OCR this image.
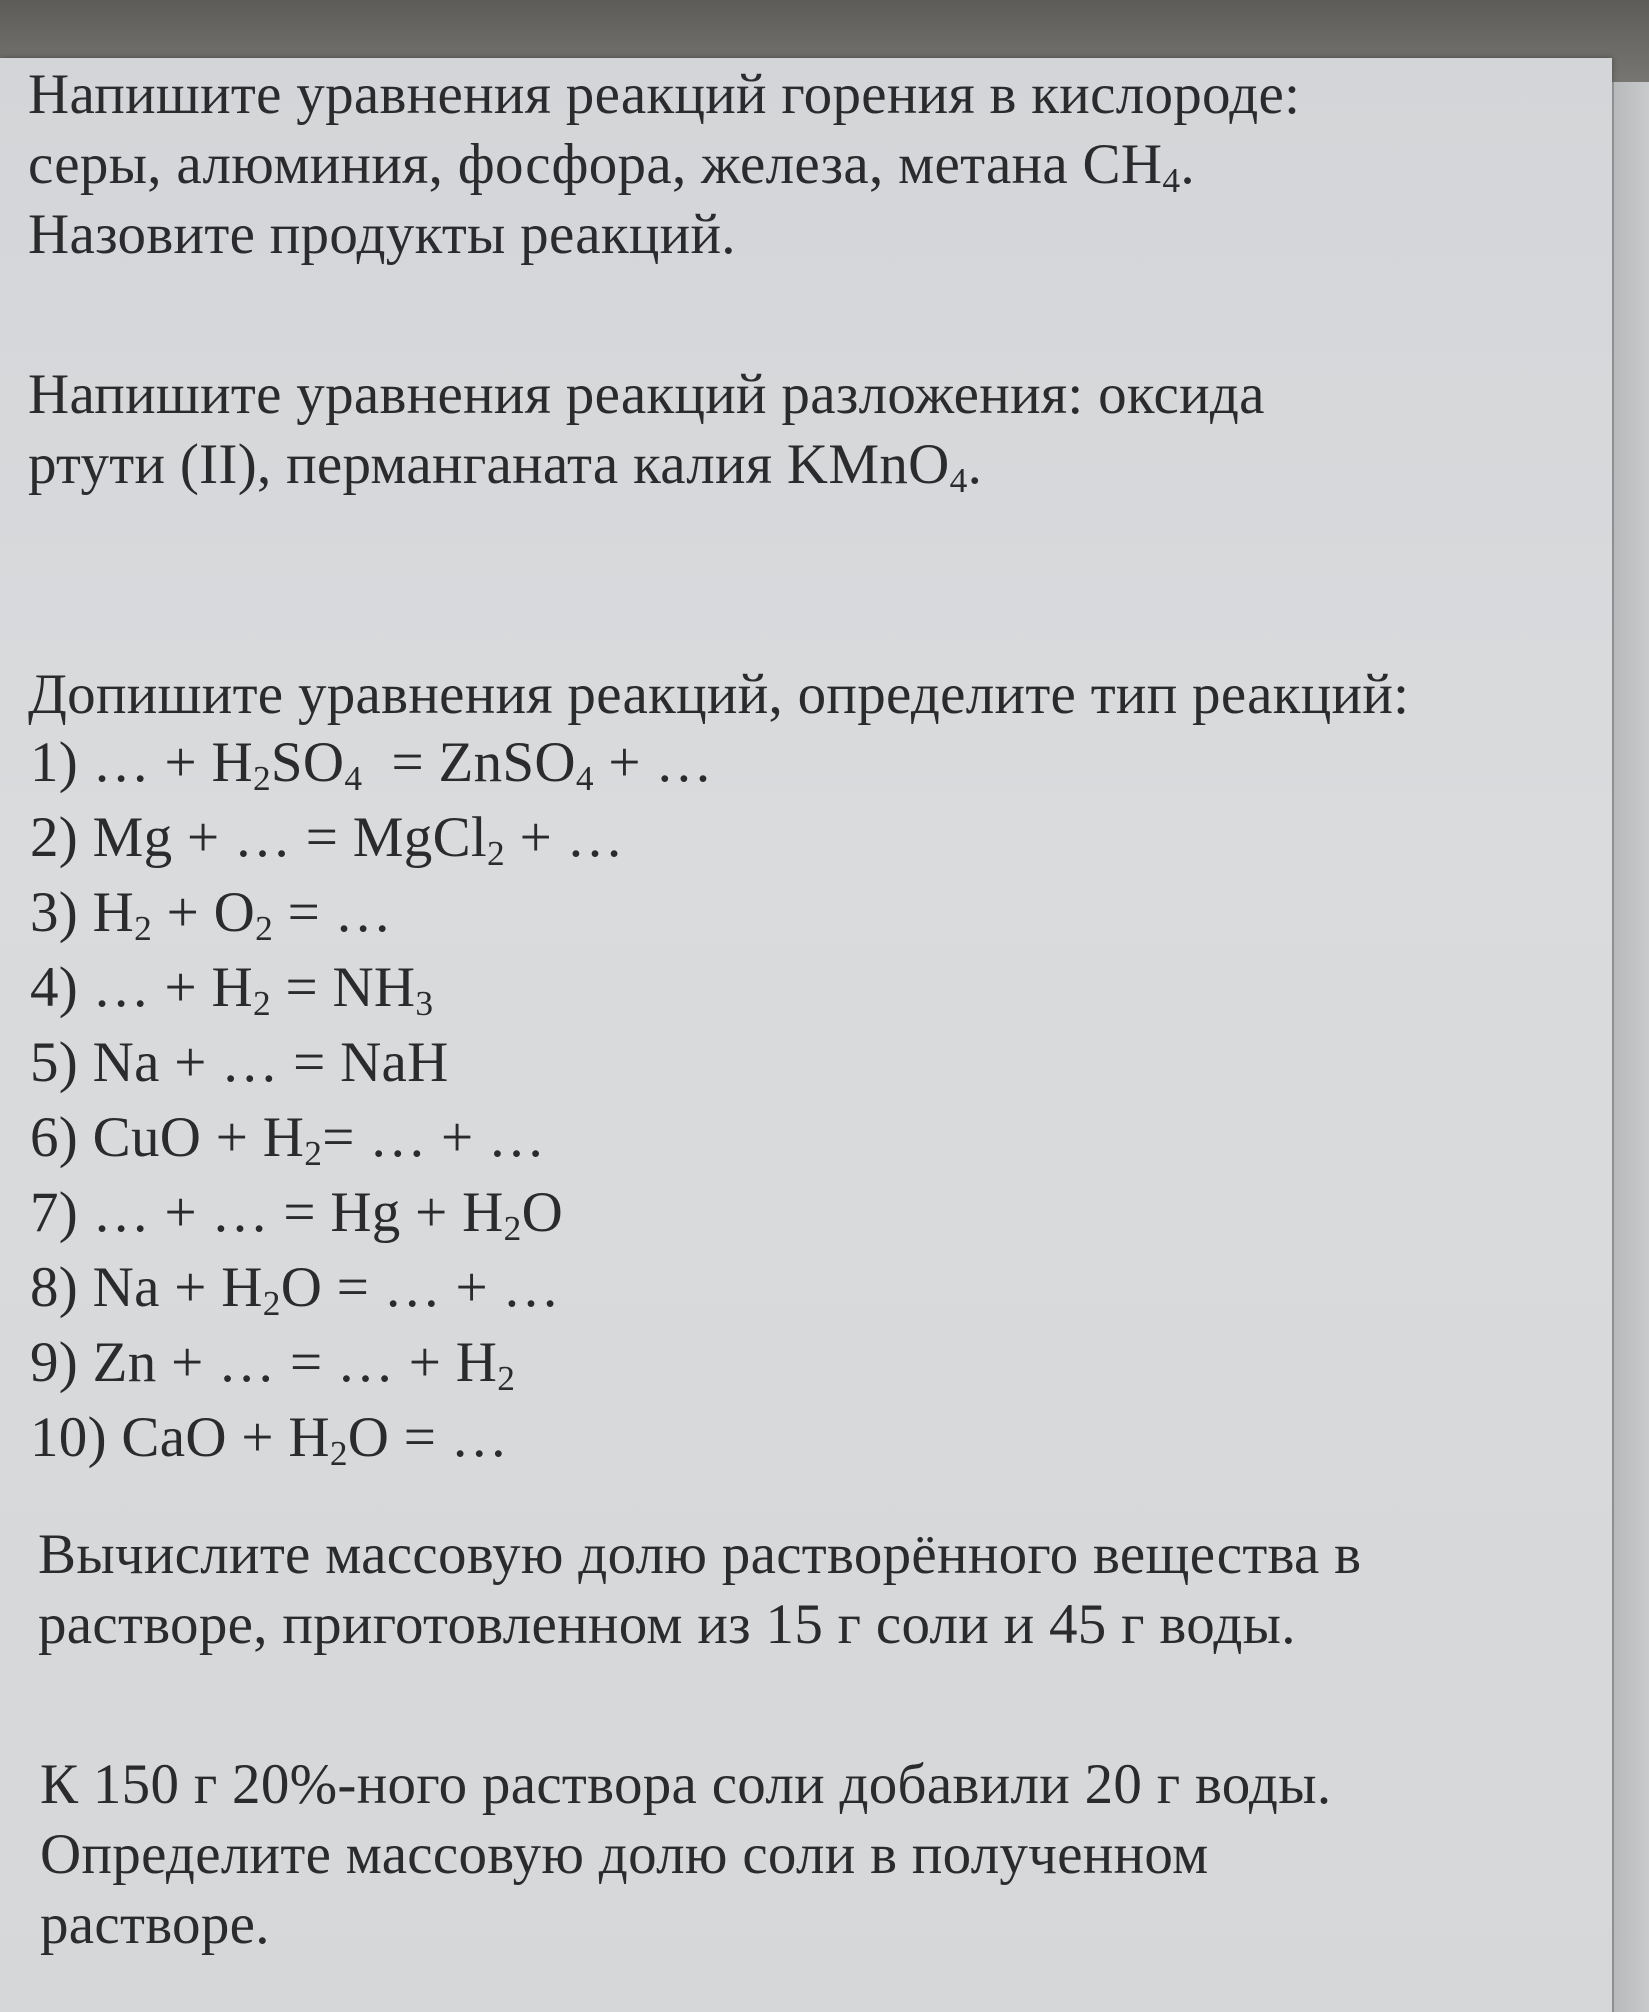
Напишите уравнения реакций горения в кислороде:

серы, алюминия, фосфора, железа, метана $CH_4$.

Назовите продукты реакций.

Напишите уравнения реакций разложения: оксида

ртути (II), перманганата калия KMnO$_4$.

Допишите уравнения реакций, определите тип реакций:

1) … + $H_2SO_4$  = ZnSO$_4$ + …

2) Mg + … = MgCl$_2$ + …

3) $H_2 + O_2$ = …

4) … + $H_2 = NH_3$

5) Na + … = NaH

6) CuO + $H_2=$ … + …

7) … + … = $Hg + H_2O$

8) $Na + H_2O$ = … + …

9) Zn + … = … + $H_2$

10) CaO + $H_2O$ = …

Вычислите массовую долю растворённого вещества в

растворе, приготовленном из 15 г соли и 45 г воды.

К 150 г 20%-ного раствора соли добавили 20 г воды.

Определите массовую долю соли в полученном

растворе.
